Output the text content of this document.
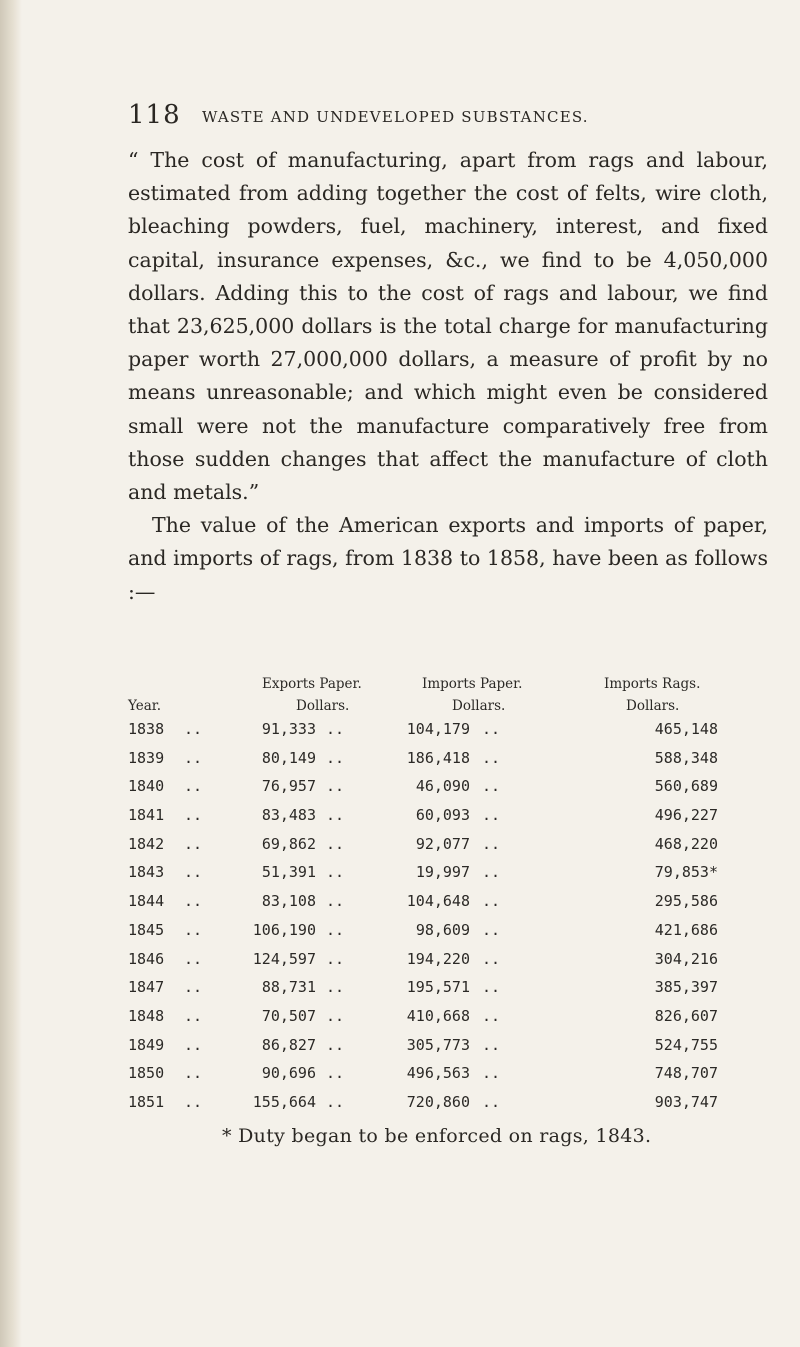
118 WASTE AND UNDEVELOPED SUBSTANCES.

“ The cost of manufacturing, apart from rags and labour, estimated from adding together the cost of felts, wire cloth, bleaching powders, fuel, machinery, interest, and fixed capital, insurance expenses, &c., we find to be 4,050,000 dollars. Adding this to the cost of rags and labour, we find that 23,625,000 dollars is the total charge for manufacturing paper worth 27,000,000 dollars, a measure of profit by no means unreasonable; and which might even be considered small were not the manufacture comparatively free from those sudden changes that affect the manufacture of cloth and metals.”

The value of the American exports and imports of paper, and imports of rags, from 1838 to 1858, have been as follows :—

Exports Paper.	Imports Paper.	Imports Rags.
Year.	Dollars.	Dollars.	Dollars.
1838	..	91,333 ..	104,179 ..	465,148
1839	..	80,149 ..	186,418 ..	588,348
1840	..	76,957 ..	46,090 ..	560,689
1841	..	83,483 ..	60,093 ..	496,227
1842	..	69,862 ..	92,077 ..	468,220
1843	..	51,391 ..	19,997 ..	79,853*
1844	..	83,108 ..	104,648 ..	295,586
1845	..	106,190 ..	98,609 ..	421,686
1846	..	124,597 ..	194,220 ..	304,216
1847	..	88,731 ..	195,571 ..	385,397
1848	..	70,507 ..	410,668 ..	826,607
1849	..	86,827 ..	305,773 ..	524,755
1850	..	90,696 ..	496,563 ..	748,707
1851	..	155,664 ..	720,860 ..	903,747
* Duty began to be enforced on rags, 1843.
